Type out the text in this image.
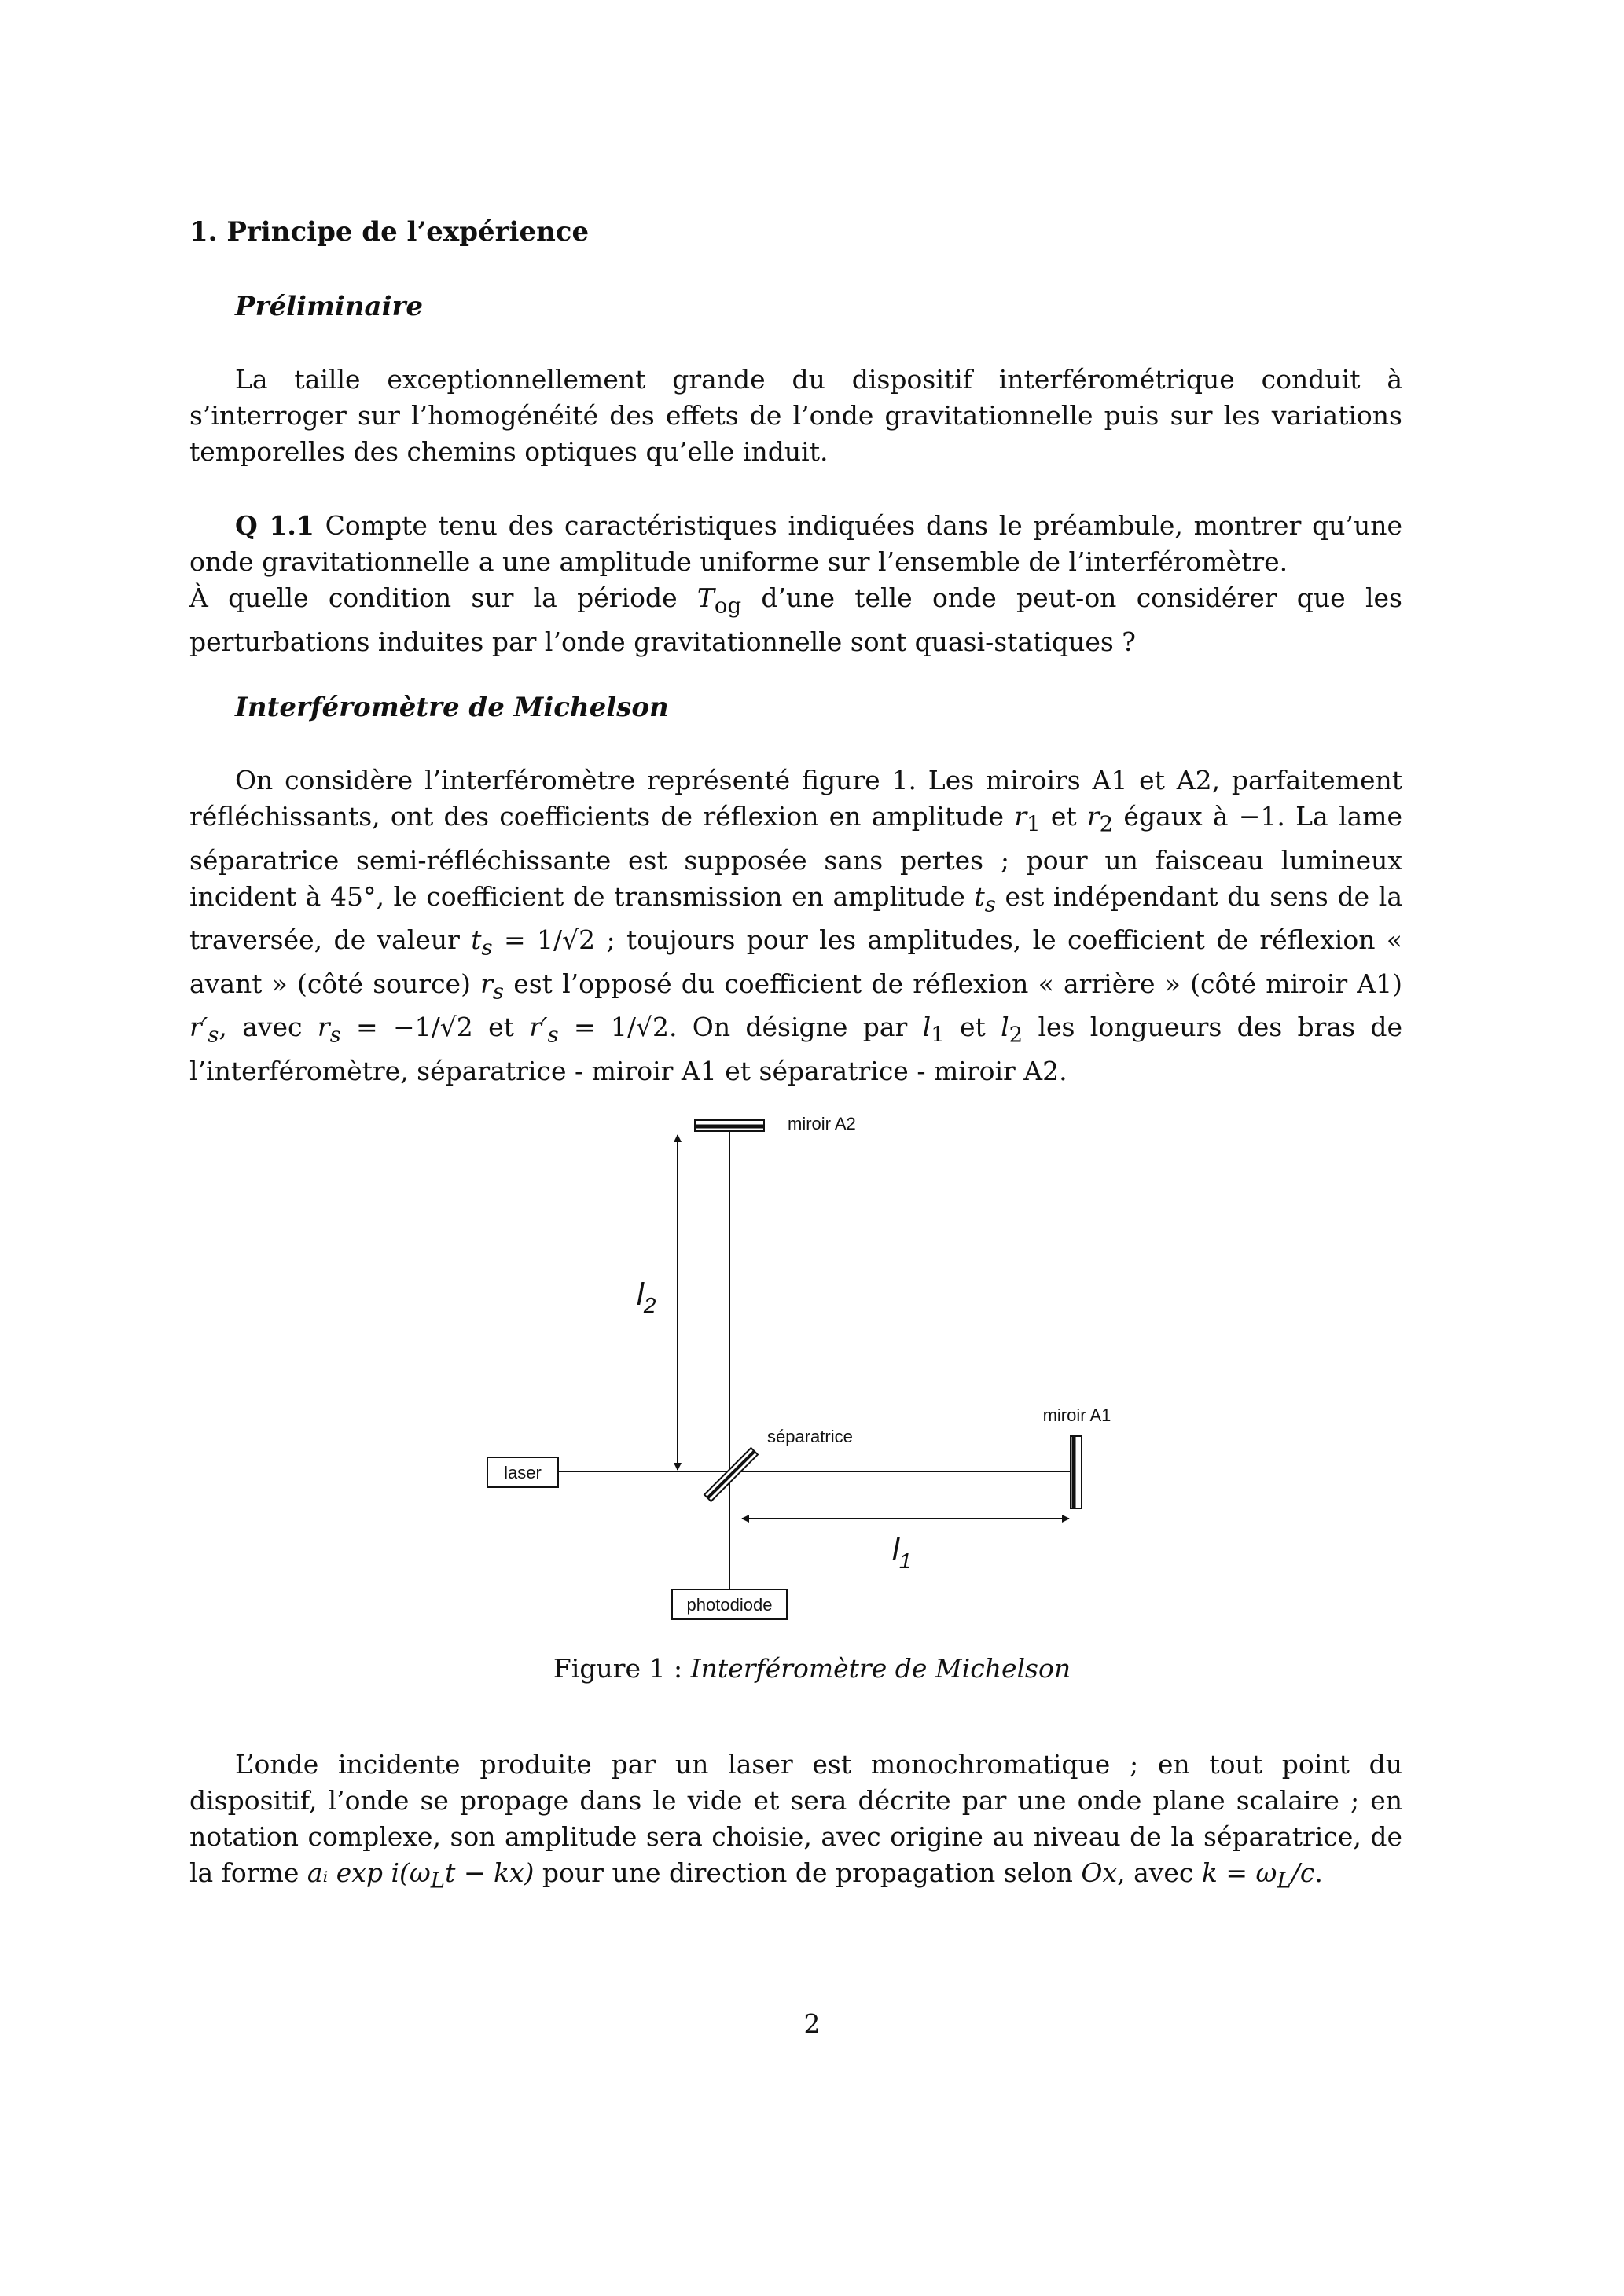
1. Principe de l’expérience
Préliminaire
La taille exceptionnellement grande du dispositif interférométrique conduit à s’interroger sur l’homogénéité des effets de l’onde gravitationnelle puis sur les variations temporelles des chemins optiques qu’elle induit.
Q 1.1 Compte tenu des caractéristiques indiquées dans le préambule, montrer qu’une onde gravitationnelle a une amplitude uniforme sur l’ensemble de l’interféromètre.
À quelle condition sur la période $T_{og}$ d’une telle onde peut-on considérer que les perturbations induites par l’onde gravitationnelle sont quasi-statiques ?
Interféromètre de Michelson
On considère l’interféromètre représenté figure 1. Les miroirs A1 et A2, parfaitement réfléchissants, ont des coefficients de réflexion en amplitude $r_1$ et $r_2$ égaux à −1. La lame séparatrice semi-réfléchissante est supposée sans pertes ; pour un faisceau lumineux incident à 45°, le coefficient de transmission en amplitude $t_s$ est indépendant du sens de la traversée, de valeur $t_s = 1/√2$ ; toujours pour les amplitudes, le coefficient de réflexion « avant » (côté source) $r_s$ est l’opposé du coefficient de réflexion « arrière » (côté miroir A1) $r'_s$, avec $r_s = -1/√2$ et $r'_s = 1/√2$. On désigne par $l_1$ et $l_2$ les longueurs des bras de l’interféromètre, séparatrice - miroir A1 et séparatrice - miroir A2.
miroir A2
$l_2$
séparatrice
laser
miroir A1
$l_1$
photodiode
Figure 1 : Interféromètre de Michelson
L’onde incidente produite par un laser est monochromatique ; en tout point du dispositif, l’onde se propage dans le vide et sera décrite par une onde plane scalaire ; en notation complexe, son amplitude sera choisie, avec origine au niveau de la séparatrice, de la forme aᵢ $\exp i(\omega_Lt - kx)$ pour une direction de propagation selon Ox, avec $k = \omega_L/c$.
2
